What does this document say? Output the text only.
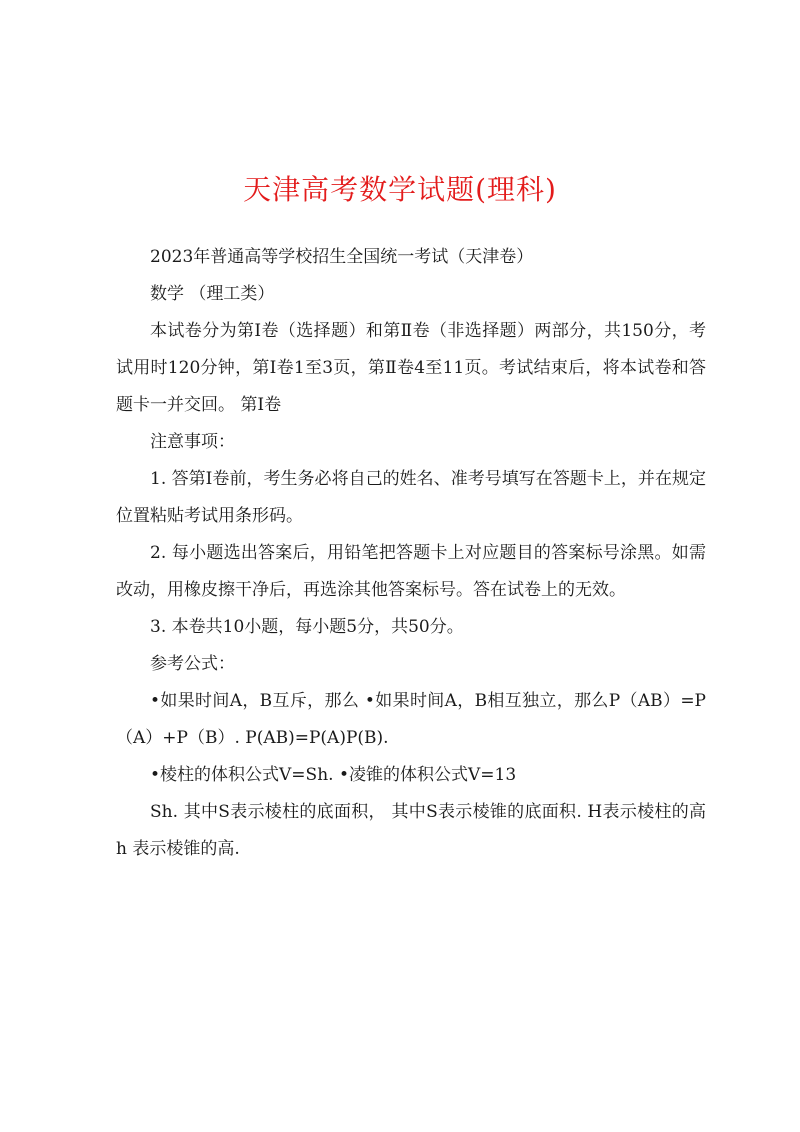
天津高考数学试题(理科)

2023年普通高等学校招生全国统一考试（天津卷）

数学 （理工类）

本试卷分为第Ⅰ卷（选择题）和第Ⅱ卷（非选择题）两部分，共150分，考试用时120分钟，第Ⅰ卷1至3页，第Ⅱ卷4至11页。考试结束后，将本试卷和答题卡一并交回。 第Ⅰ卷

注意事项：

1. 答第Ⅰ卷前，考生务必将自己的姓名、准考号填写在答题卡上，并在规定位置粘贴考试用条形码。

2. 每小题选出答案后，用铅笔把答题卡上对应题目的答案标号涂黑。如需改动，用橡皮擦干净后，再选涂其他答案标号。答在试卷上的无效。

3. 本卷共10小题，每小题5分，共50分。

参考公式：

•如果时间A，B互斥，那么 •如果时间A，B相互独立，那么P（AB）=P（A）+P（B）. P(AB)=P(A)P(B).

•棱柱的体积公式V=Sh. •凌锥的体积公式V=13

Sh. 其中S表示棱柱的底面积， 其中S表示棱锥的底面积. H表示棱柱的高 h 表示棱锥的高.
